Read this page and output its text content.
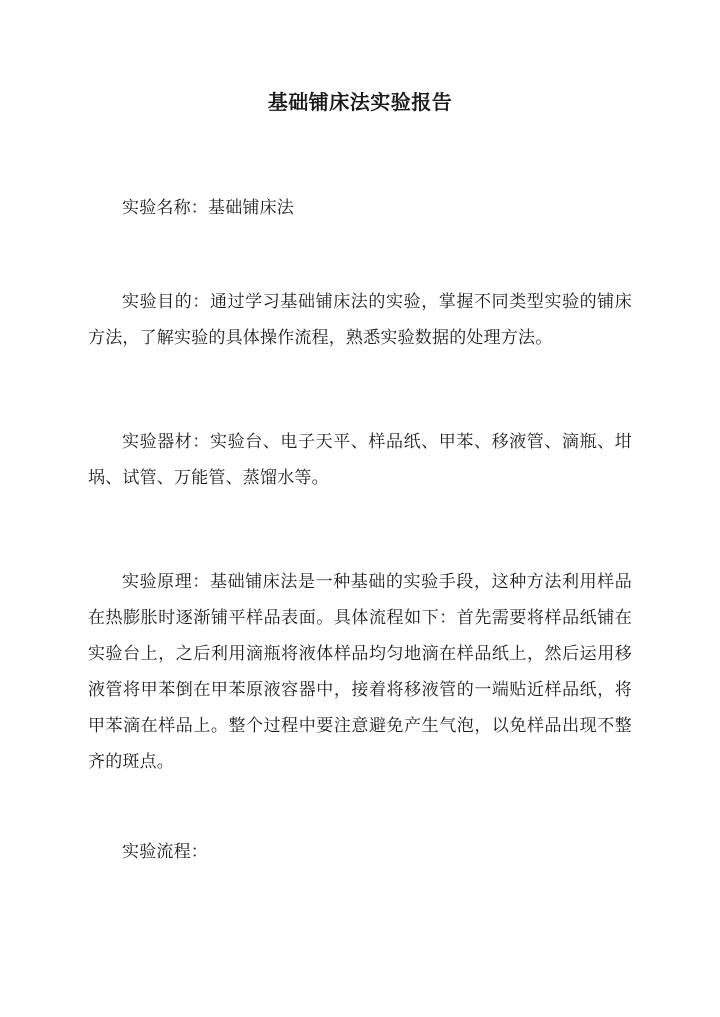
基础铺床法实验报告
实验名称：基础铺床法
实验目的：通过学习基础铺床法的实验，掌握不同类型实验的铺床方法，了解实验的具体操作流程，熟悉实验数据的处理方法。
实验器材：实验台、电子天平、样品纸、甲苯、移液管、滴瓶、坩埚、试管、万能管、蒸馏水等。
实验原理：基础铺床法是一种基础的实验手段，这种方法利用样品在热膨胀时逐渐铺平样品表面。具体流程如下：首先需要将样品纸铺在实验台上，之后利用滴瓶将液体样品均匀地滴在样品纸上，然后运用移液管将甲苯倒在甲苯原液容器中，接着将移液管的一端贴近样品纸，将甲苯滴在样品上。整个过程中要注意避免产生气泡，以免样品出现不整齐的斑点。
实验流程：
